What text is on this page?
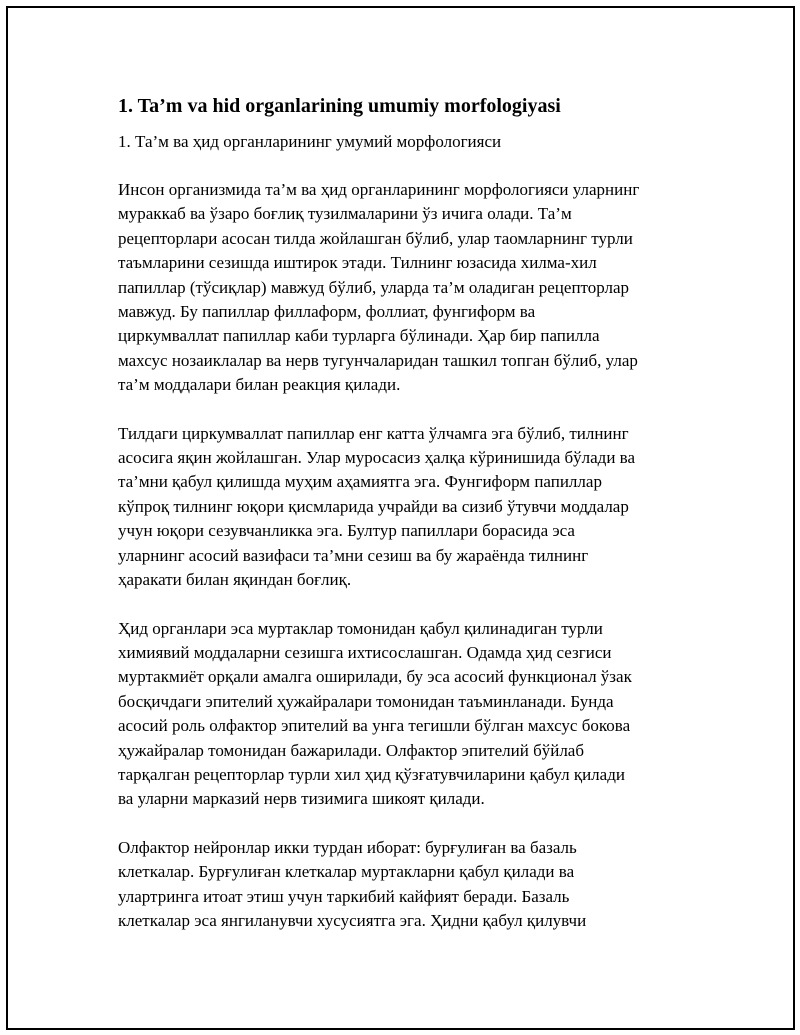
1. Ta’m va hid organlarining umumiy morfologiyasi

1. Та’м ва ҳид органларининг умумий морфологияси

Инсон организмида та’м ва ҳид органларининг морфологияси уларнинг
мураккаб ва ўзаро боғлиқ тузилмаларини ўз ичига олади. Та’м
рецепторлари асосан тилда жойлашган бўлиб, улар таомларнинг турли
таъмларини сезишда иштирок этади. Тилнинг юзасида хилма-хил
папиллар (тўсиқлар) мавжуд бўлиб, уларда та’м оладиган рецепторлар
мавжуд. Бу папиллар филлаформ, фоллиат, фунгиформ ва
циркумваллат папиллар каби турларга бўлинади. Ҳар бир папилла
махсус нозаиклалар ва нерв тугунчаларидан ташкил топган бўлиб, улар
та’м моддалари билан реакция қилади.

Тилдаги циркумваллат папиллар енг катта ўлчамга эга бўлиб, тилнинг
асосига яқин жойлашган. Улар муросасиз ҳалқа кўринишида бўлади ва
та’мни қабул қилишда муҳим аҳамиятга эга. Фунгиформ папиллар
кўпроқ тилнинг юқори қисмларида учрайди ва сизиб ўтувчи моддалар
учун юқори сезувчанликка эга. Бултур папиллари борасида эса
уларнинг асосий вазифаси та’мни сезиш ва бу жараёнда тилнинг
ҳаракати билан яқиндан боғлиқ.

Ҳид органлари эса муртаклар томонидан қабул қилинадиган турли
химиявий моддаларни сезишга ихтисослашган. Одамда ҳид сезгиси
муртакмиёт орқали амалга оширилади, бу эса асосий функционал ўзак
босқичдаги эпителий ҳужайралари томонидан таъминланади. Бунда
асосий роль олфактор эпителий ва унга тегишли бўлган махсус бокова
ҳужайралар томонидан бажарилади. Олфактор эпителий бўйлаб
тарқалган рецепторлар турли хил ҳид қўзғатувчиларини қабул қилади
ва уларни марказий нерв тизимига шикоят қилади.

Олфактор нейронлар икки турдан иборат: бурғулиған ва базаль
клеткалар. Бурғулиған клеткалар муртакларни қабул қилади ва
улартринга итоат этиш учун таркибий кайфият беради. Базаль
клеткалар эса янгиланувчи хусусиятга эга. Ҳидни қабул қилувчи
